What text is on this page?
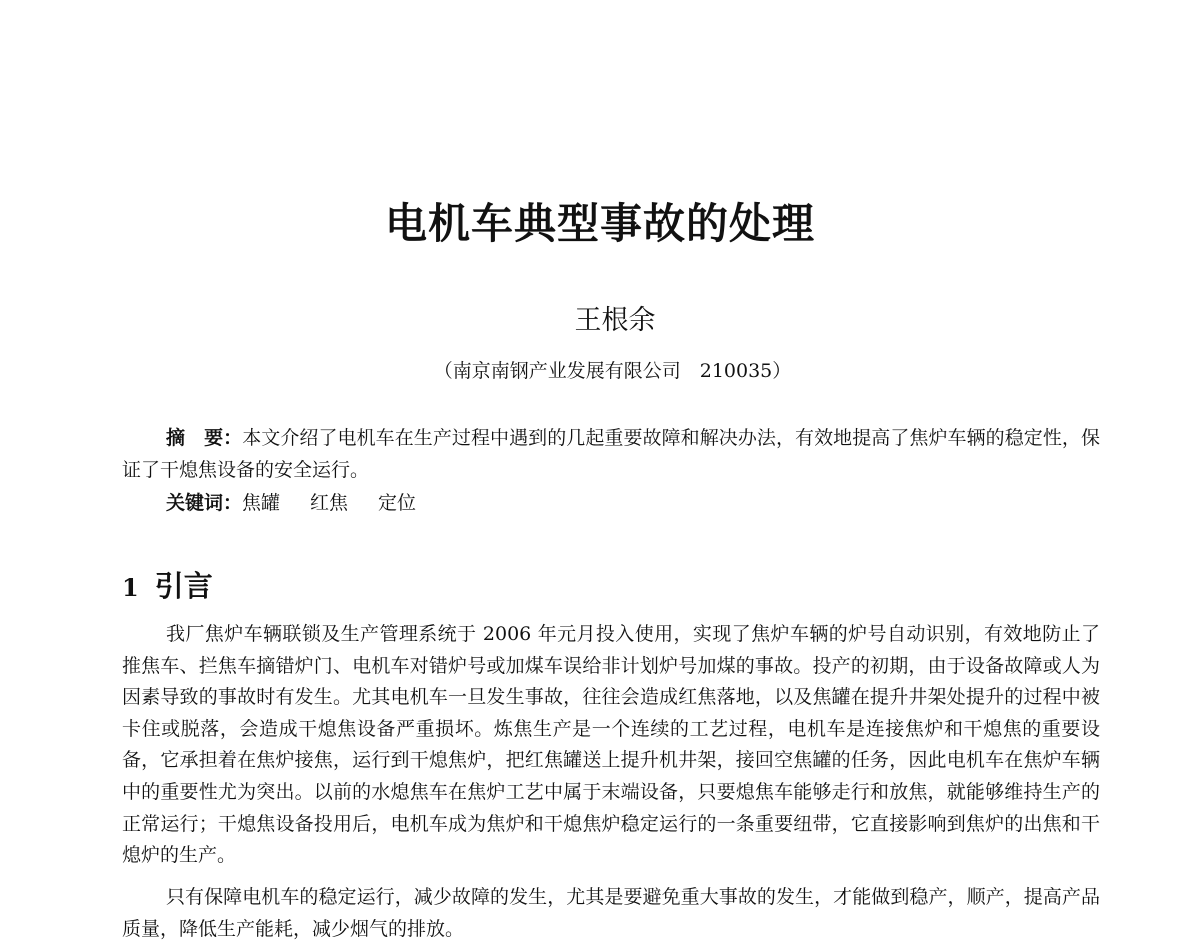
电机车典型事故的处理

王根余

（南京南钢产业发展有限公司　210035）

摘　要：本文介绍了电机车在生产过程中遇到的几起重要故障和解决办法，有效地提高了焦炉车辆的稳定性，保证了干熄焦设备的安全运行。

关键词：焦罐 红焦 定位

1 引言

我厂焦炉车辆联锁及生产管理系统于 2006 年元月投入使用，实现了焦炉车辆的炉号自动识别，有效地防止了推焦车、拦焦车摘错炉门、电机车对错炉号或加煤车误给非计划炉号加煤的事故。投产的初期，由于设备故障或人为因素导致的事故时有发生。尤其电机车一旦发生事故，往往会造成红焦落地，以及焦罐在提升井架处提升的过程中被卡住或脱落，会造成干熄焦设备严重损坏。炼焦生产是一个连续的工艺过程，电机车是连接焦炉和干熄焦的重要设备，它承担着在焦炉接焦，运行到干熄焦炉，把红焦罐送上提升机井架，接回空焦罐的任务，因此电机车在焦炉车辆中的重要性尤为突出。以前的水熄焦车在焦炉工艺中属于末端设备，只要熄焦车能够走行和放焦，就能够维持生产的正常运行；干熄焦设备投用后，电机车成为焦炉和干熄焦炉稳定运行的一条重要纽带，它直接影响到焦炉的出焦和干熄炉的生产。

只有保障电机车的稳定运行，减少故障的发生，尤其是要避免重大事故的发生，才能做到稳产，顺产，提高产品质量，降低生产能耗，减少烟气的排放。
